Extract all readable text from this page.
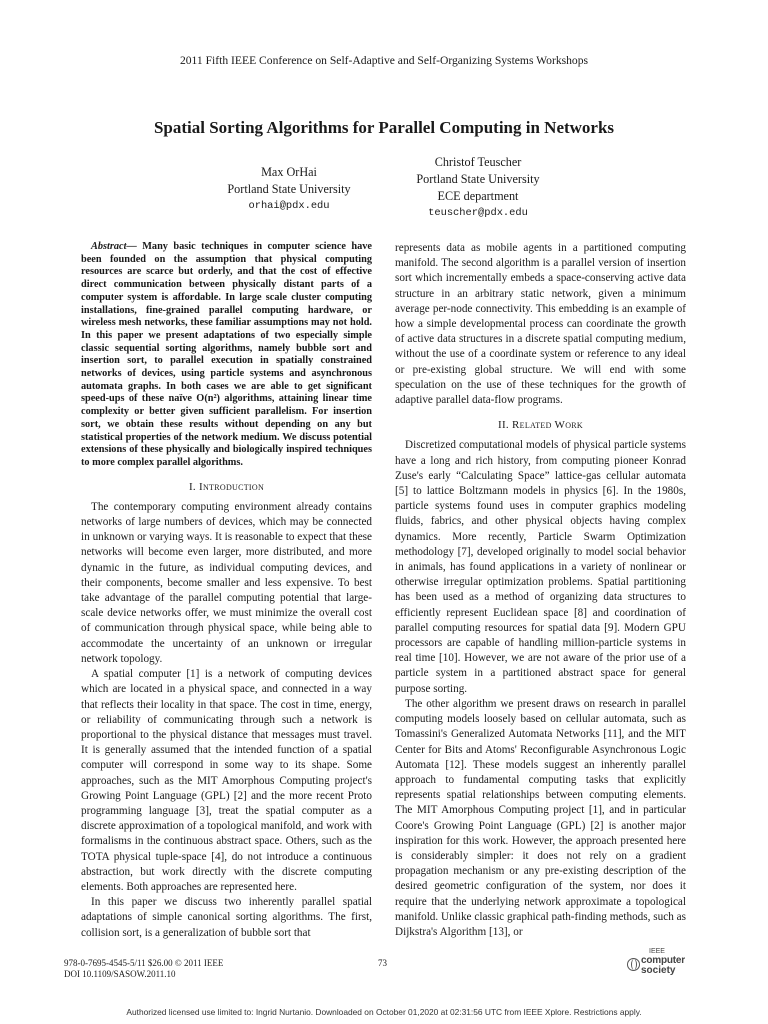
2011 Fifth IEEE Conference on Self-Adaptive and Self-Organizing Systems Workshops
Spatial Sorting Algorithms for Parallel Computing in Networks
Max OrHai
Portland State University
orhai@pdx.edu
Christof Teuscher
Portland State University
ECE department
teuscher@pdx.edu

Abstract— Many basic techniques in computer science have been founded on the assumption that physical computing resources are scarce but orderly, and that the cost of effective direct communication between physically distant parts of a computer system is affordable. In large scale cluster computing installations, fine-grained parallel computing hardware, or wireless mesh networks, these familiar assumptions may not hold. In this paper we present adaptations of two especially simple classic sequential sorting algorithms, namely bubble sort and insertion sort, to parallel execution in spatially constrained networks of devices, using particle systems and asynchronous automata graphs. In both cases we are able to get significant speed-ups of these naïve O(n²) algorithms, attaining linear time complexity or better given sufficient parallelism. For insertion sort, we obtain these results without depending on any but statistical properties of the network medium. We discuss potential extensions of these physically and biologically inspired techniques to more complex parallel algorithms.

I. Introduction

The contemporary computing environment already contains networks of large numbers of devices, which may be connected in unknown or varying ways. It is reasonable to expect that these networks will become even larger, more distributed, and more dynamic in the future, as individual computing devices, and their components, become smaller and less expensive. To best take advantage of the parallel computing potential that large-scale device networks offer, we must minimize the overall cost of communication through physical space, while being able to accommodate the uncertainty of an unknown or irregular network topology.

A spatial computer [1] is a network of computing devices which are located in a physical space, and connected in a way that reflects their locality in that space. The cost in time, energy, or reliability of communicating through such a network is proportional to the physical distance that messages must travel. It is generally assumed that the intended function of a spatial computer will correspond in some way to its shape. Some approaches, such as the MIT Amorphous Computing project's Growing Point Language (GPL) [2] and the more recent Proto programming language [3], treat the spatial computer as a discrete approximation of a topological manifold, and work with formalisms in the continuous abstract space. Others, such as the TOTA physical tuple-space [4], do not introduce a continuous abstraction, but work directly with the discrete computing elements. Both approaches are represented here.

In this paper we discuss two inherently parallel spatial adaptations of simple canonical sorting algorithms. The first, collision sort, is a generalization of bubble sort that

represents data as mobile agents in a partitioned computing manifold. The second algorithm is a parallel version of insertion sort which incrementally embeds a space-conserving active data structure in an arbitrary static network, given a minimum average per-node connectivity. This embedding is an example of how a simple developmental process can coordinate the growth of active data structures in a discrete spatial computing medium, without the use of a coordinate system or reference to any ideal or pre-existing global structure. We will end with some speculation on the use of these techniques for the growth of adaptive parallel data-flow programs.

II. Related Work

Discretized computational models of physical particle systems have a long and rich history, from computing pioneer Konrad Zuse's early “Calculating Space” lattice-gas cellular automata [5] to lattice Boltzmann models in physics [6]. In the 1980s, particle systems found uses in computer graphics modeling fluids, fabrics, and other physical objects having complex dynamics. More recently, Particle Swarm Optimization methodology [7], developed originally to model social behavior in animals, has found applications in a variety of nonlinear or otherwise irregular optimization problems. Spatial partitioning has been used as a method of organizing data structures to efficiently represent Euclidean space [8] and coordination of parallel computing resources for spatial data [9]. Modern GPU processors are capable of handling million-particle systems in real time [10]. However, we are not aware of the prior use of a particle system in a partitioned abstract space for general purpose sorting.

The other algorithm we present draws on research in parallel computing models loosely based on cellular automata, such as Tomassini's Generalized Automata Networks [11], and the MIT Center for Bits and Atoms' Reconfigurable Asynchronous Logic Automata [12]. These models suggest an inherently parallel approach to fundamental computing tasks that explicitly represents spatial relationships between computing elements. The MIT Amorphous Computing project [1], and in particular Coore's Growing Point Language (GPL) [2] is another major inspiration for this work. However, the approach presented here is considerably simpler: it does not rely on a gradient propagation mechanism or any pre-existing description of the desired geometric configuration of the system, nor does it require that the underlying network approximate a topological manifold. Unlike classic graphical path-finding methods, such as Dijkstra's Algorithm [13], or

978-0-7695-4545-5/11 $26.00 © 2011 IEEE
DOI 10.1109/SASOW.2011.10
73
IEEE
computer
society
Authorized licensed use limited to: Ingrid Nurtanio. Downloaded on October 01,2020 at 02:31:56 UTC from IEEE Xplore. Restrictions apply.
